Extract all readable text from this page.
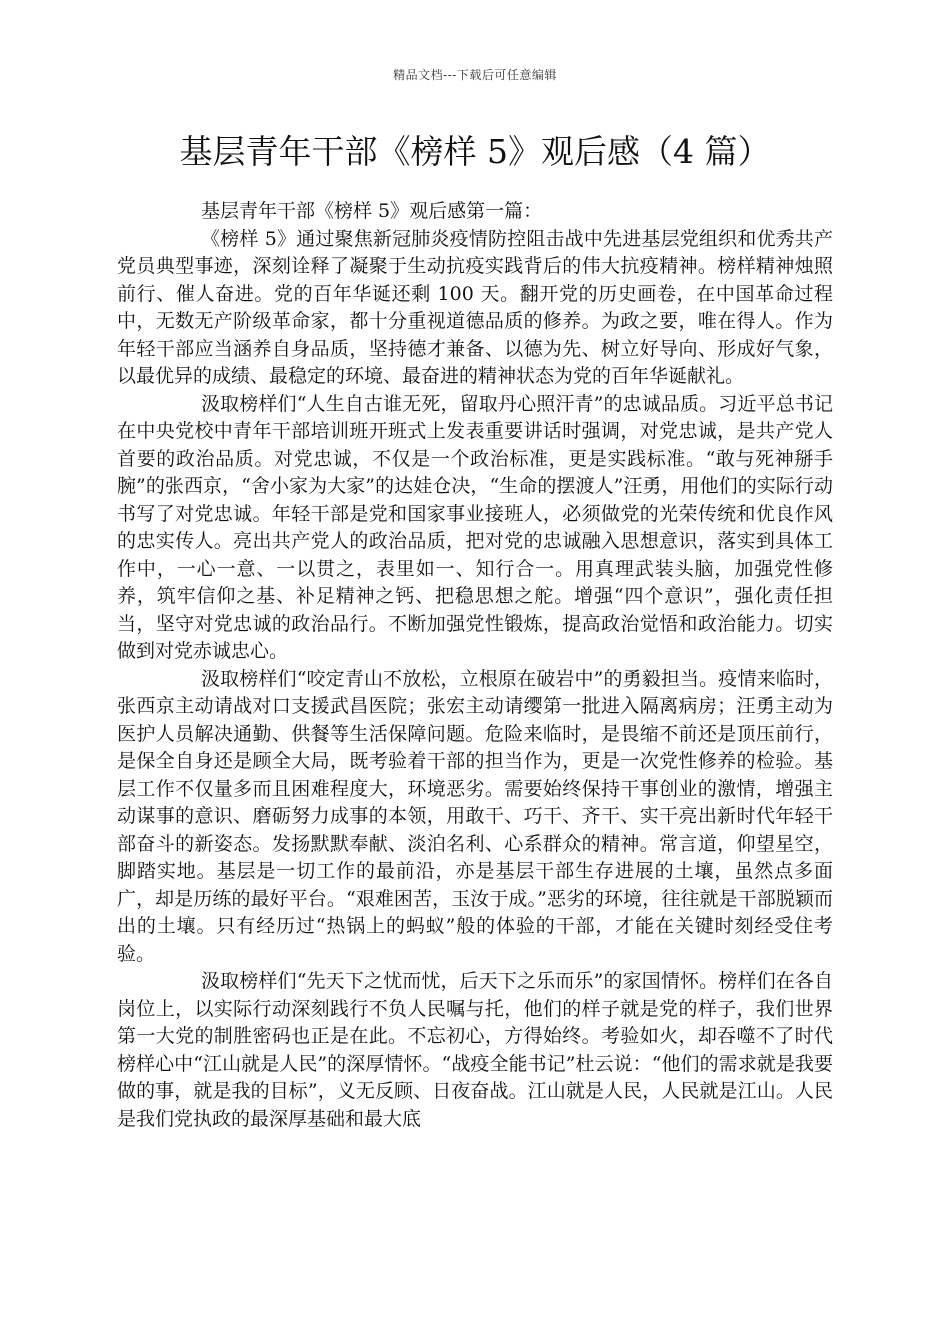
精品文档---下载后可任意编辑
基层青年干部《榜样 5》观后感（4 篇）

基层青年干部《榜样 5》观后感第一篇：

《榜样 5》通过聚焦新冠肺炎疫情防控阻击战中先进基层党组织和优秀共产党员典型事迹，深刻诠释了凝聚于生动抗疫实践背后的伟大抗疫精神。榜样精神烛照前行、催人奋进。党的百年华诞还剩 100 天。翻开党的历史画卷，在中国革命过程中，无数无产阶级革命家，都十分重视道德品质的修养。为政之要，唯在得人。作为年轻干部应当涵养自身品质，坚持德才兼备、以德为先、树立好导向、形成好气象，以最优异的成绩、最稳定的环境、最奋进的精神状态为党的百年华诞献礼。

汲取榜样们“人生自古谁无死，留取丹心照汗青”的忠诚品质。习近平总书记在中央党校中青年干部培训班开班式上发表重要讲话时强调，对党忠诚，是共产党人首要的政治品质。对党忠诚，不仅是一个政治标准，更是实践标准。“敢与死神掰手腕”的张西京，“舍小家为大家”的达娃仓决，“生命的摆渡人”汪勇，用他们的实际行动书写了对党忠诚。年轻干部是党和国家事业接班人，必须做党的光荣传统和优良作风的忠实传人。亮出共产党人的政治品质，把对党的忠诚融入思想意识，落实到具体工作中，一心一意、一以贯之，表里如一、知行合一。用真理武装头脑，加强党性修养，筑牢信仰之基、补足精神之钙、把稳思想之舵。增强“四个意识”，强化责任担当，坚守对党忠诚的政治品行。不断加强党性锻炼，提高政治觉悟和政治能力。切实做到对党赤诚忠心。

汲取榜样们“咬定青山不放松，立根原在破岩中”的勇毅担当。疫情来临时，张西京主动请战对口支援武昌医院；张宏主动请缨第一批进入隔离病房；汪勇主动为医护人员解决通勤、供餐等生活保障问题。危险来临时，是畏缩不前还是顶压前行，是保全自身还是顾全大局，既考验着干部的担当作为，更是一次党性修养的检验。基层工作不仅量多而且困难程度大，环境恶劣。需要始终保持干事创业的激情，增强主动谋事的意识、磨砺努力成事的本领，用敢干、巧干、齐干、实干亮出新时代年轻干部奋斗的新姿态。发扬默默奉献、淡泊名利、心系群众的精神。常言道，仰望星空，脚踏实地。基层是一切工作的最前沿，亦是基层干部生存进展的土壤，虽然点多面广，却是历练的最好平台。“艰难困苦，玉汝于成。”恶劣的环境，往往就是干部脱颖而出的土壤。只有经历过“热锅上的蚂蚁”般的体验的干部，才能在关键时刻经受住考验。

汲取榜样们“先天下之忧而忧，后天下之乐而乐”的家国情怀。榜样们在各自岗位上，以实际行动深刻践行不负人民嘱与托，他们的样子就是党的样子，我们世界第一大党的制胜密码也正是在此。不忘初心，方得始终。考验如火，却吞噬不了时代榜样心中“江山就是人民”的深厚情怀。“战疫全能书记”杜云说：“他们的需求就是我要做的事，就是我的目标”，义无反顾、日夜奋战。江山就是人民，人民就是江山。人民是我们党执政的最深厚基础和最大底
